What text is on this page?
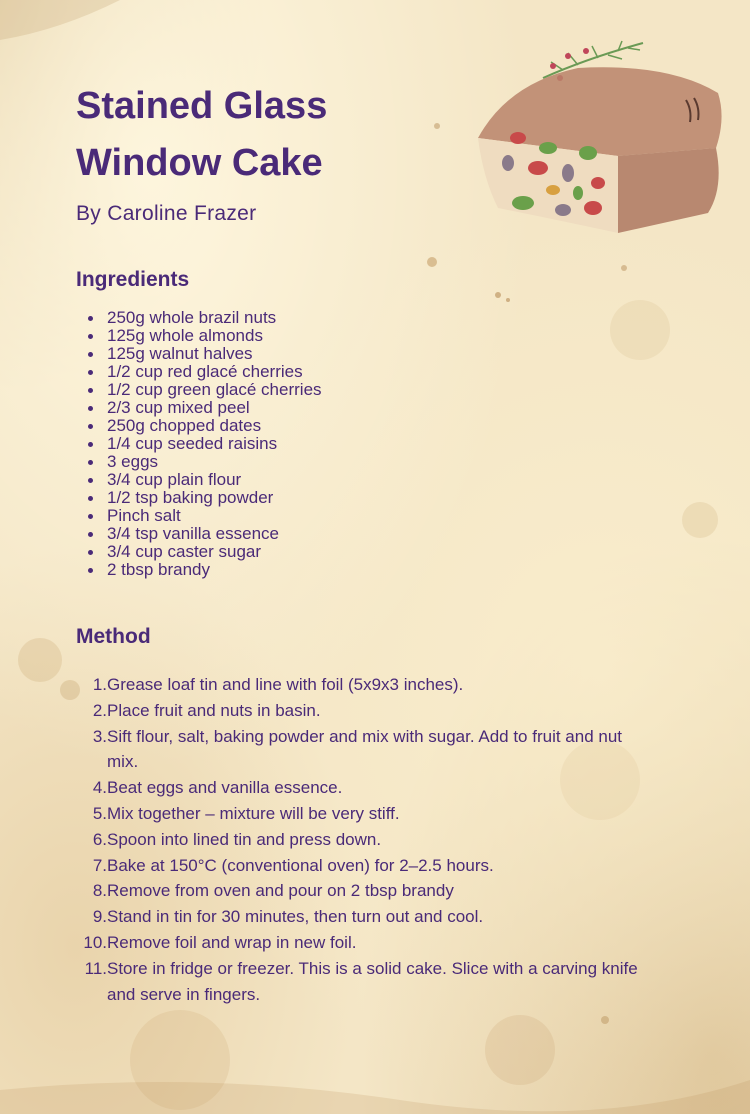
Stained Glass
Window Cake

By Caroline Frazer

Ingredients
250g whole brazil nuts
125g whole almonds
125g walnut halves
1/2 cup red glacé cherries
1/2 cup green glacé cherries
2/3 cup mixed peel
250g chopped dates
1/4 cup seeded raisins
3 eggs
3/4 cup plain flour
1/2 tsp baking powder
Pinch salt
3/4 tsp vanilla essence
3/4 cup caster sugar
2 tbsp brandy
Method
1. Grease loaf tin and line with foil (5x9x3 inches).
2. Place fruit and nuts in basin.
3. Sift flour, salt, baking powder and mix with sugar. Add to fruit and nut mix.
4. Beat eggs and vanilla essence.
5. Mix together – mixture will be very stiff.
6. Spoon into lined tin and press down.
7. Bake at 150°C (conventional oven) for 2–2.5 hours.
8. Remove from oven and pour on 2 tbsp brandy
9. Stand in tin for 30 minutes, then turn out and cool.
10. Remove foil and wrap in new foil.
11. Store in fridge or freezer. This is a solid cake. Slice with a carving knife and serve in fingers.
